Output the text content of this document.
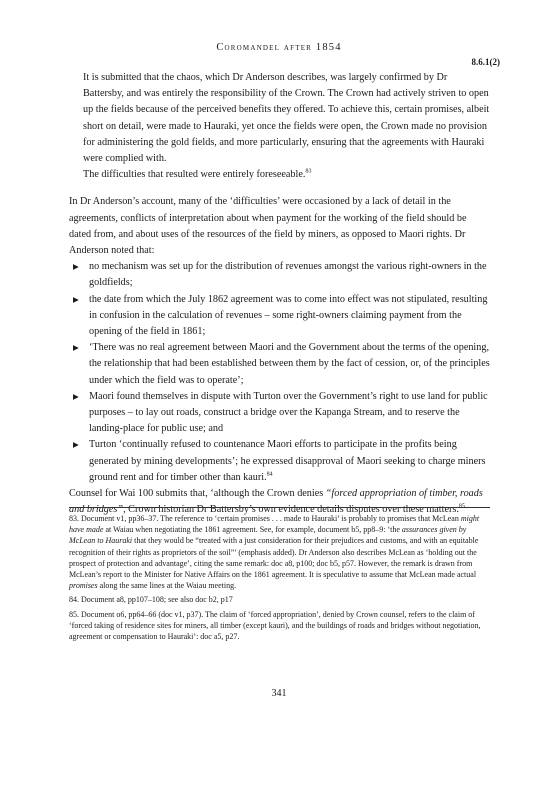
Coromandel after 1854
8.6.1(2)

It is submitted that the chaos, which Dr Anderson describes, was largely confirmed by Dr Battersby, and was entirely the responsibility of the Crown. The Crown had actively striven to open up the fields because of the perceived benefits they offered. To achieve this, certain promises, albeit short on detail, were made to Hauraki, yet once the fields were open, the Crown made no provision for administering the gold fields, and more particularly, ensuring that the agreements with Hauraki were complied with.

The difficulties that resulted were entirely foreseeable.$^{83}$

In Dr Anderson’s account, many of the ‘difficulties’ were occasioned by a lack of detail in the agreements, conflicts of interpretation about when payment for the working of the field should be dated from, and about uses of the resources of the field by miners, as opposed to Maori rights. Dr Anderson noted that:

▶ no mechanism was set up for the distribution of revenues amongst the various right-owners in the goldfields;
▶ the date from which the July 1862 agreement was to come into effect was not stipulated, resulting in confusion in the calculation of revenues – some right-owners claiming payment from the opening of the field in 1861;
▶ ‘There was no real agreement between Maori and the Government about the terms of the opening, the relationship that had been established between them by the fact of cession, or, of the principles under which the field was to operate’;
▶ Maori found themselves in dispute with Turton over the Government’s right to use land for public purposes – to lay out roads, construct a bridge over the Kapanga Stream, and to reserve the landing-place for public use; and
▶ Turton ‘continually refused to countenance Maori efforts to participate in the profits being generated by mining developments’; he expressed disapproval of Maori seeking to charge miners ground rent and for timber other than kauri.$^{84}$

Counsel for Wai 100 submits that, ‘although the Crown denies “forced appropriation of timber, roads and bridges”, Crown historian Dr Battersby’s own evidence details disputes over these matters.$^{85}$

83. Document v1, pp36–37. The reference to ‘certain promises . . . made to Hauraki’ is probably to promises that McLean might have made at Waiau when negotiating the 1861 agreement. See, for example, document b5, pp8–9: ‘the assurances given by McLean to Hauraki that they would be “treated with a just consideration for their prejudices and customs, and with an equitable recognition of their rights as proprietors of the soil”’ (emphasis added). Dr Anderson also describes McLean as ‘holding out the prospect of protection and advantage’, citing the same remark: doc a8, p100; doc b5, p57. However, the remark is drawn from McLean’s report to the Minister for Native Affairs on the 1861 agreement. It is speculative to assume that McLean made actual promises along the same lines at the Waiau meeting.

84. Document a8, pp107–108; see also doc b2, p17

85. Document o6, pp64–66 (doc v1, p37). The claim of ‘forced appropriation’, denied by Crown counsel, refers to the claim of ‘forced taking of residence sites for miners, all timber (except kauri), and the buildings of roads and bridges without negotiation, agreement or compensation to Hauraki’: doc a5, p27.

341
